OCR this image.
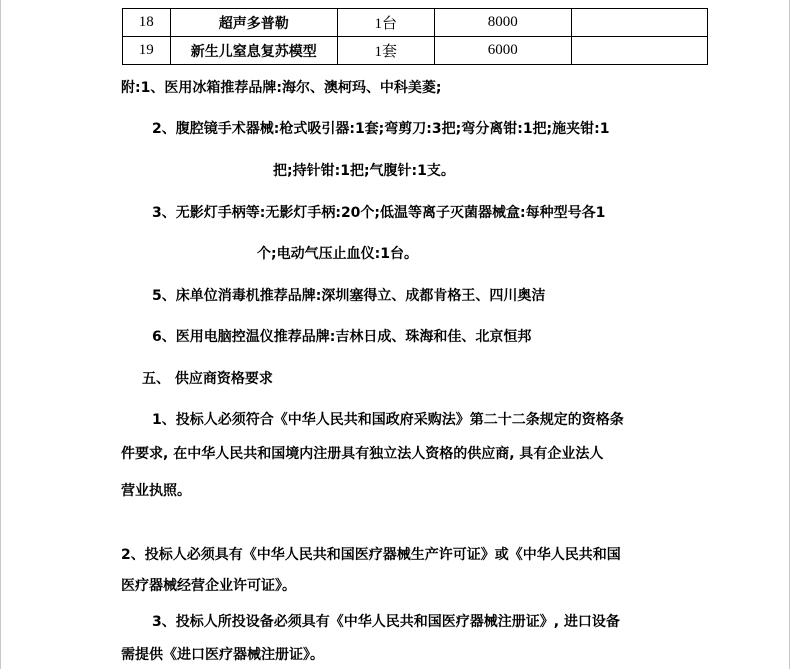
18	超声多普勒	1台	8000	
19	新生儿窒息复苏模型	1套	6000	
附:1、医用冰箱推荐品牌:海尔、澳柯玛、中科美菱;
2、腹腔镜手术器械:枪式吸引器:1套;弯剪刀:3把;弯分离钳:1把;施夹钳:1
把;持针钳:1把;气腹针:1支。
3、无影灯手柄等:无影灯手柄:20个;低温等离子灭菌器械盒:每种型号各1
个;电动气压止血仪:1台。
5、床单位消毒机推荐品牌:深圳塞得立、成都肯格王、四川奥洁
6、医用电脑控温仪推荐品牌:吉林日成、珠海和佳、北京恒邦
五、 供应商资格要求
1、投标人必须符合《中华人民共和国政府采购法》第二十二条规定的资格条
件要求, 在中华人民共和国境内注册具有独立法人资格的供应商, 具有企业法人
营业执照。
2、投标人必须具有《中华人民共和国医疗器械生产许可证》或《中华人民共和国
医疗器械经营企业许可证》。
3、投标人所投设备必须具有《中华人民共和国医疗器械注册证》, 进口设备
需提供《进口医疗器械注册证》。
